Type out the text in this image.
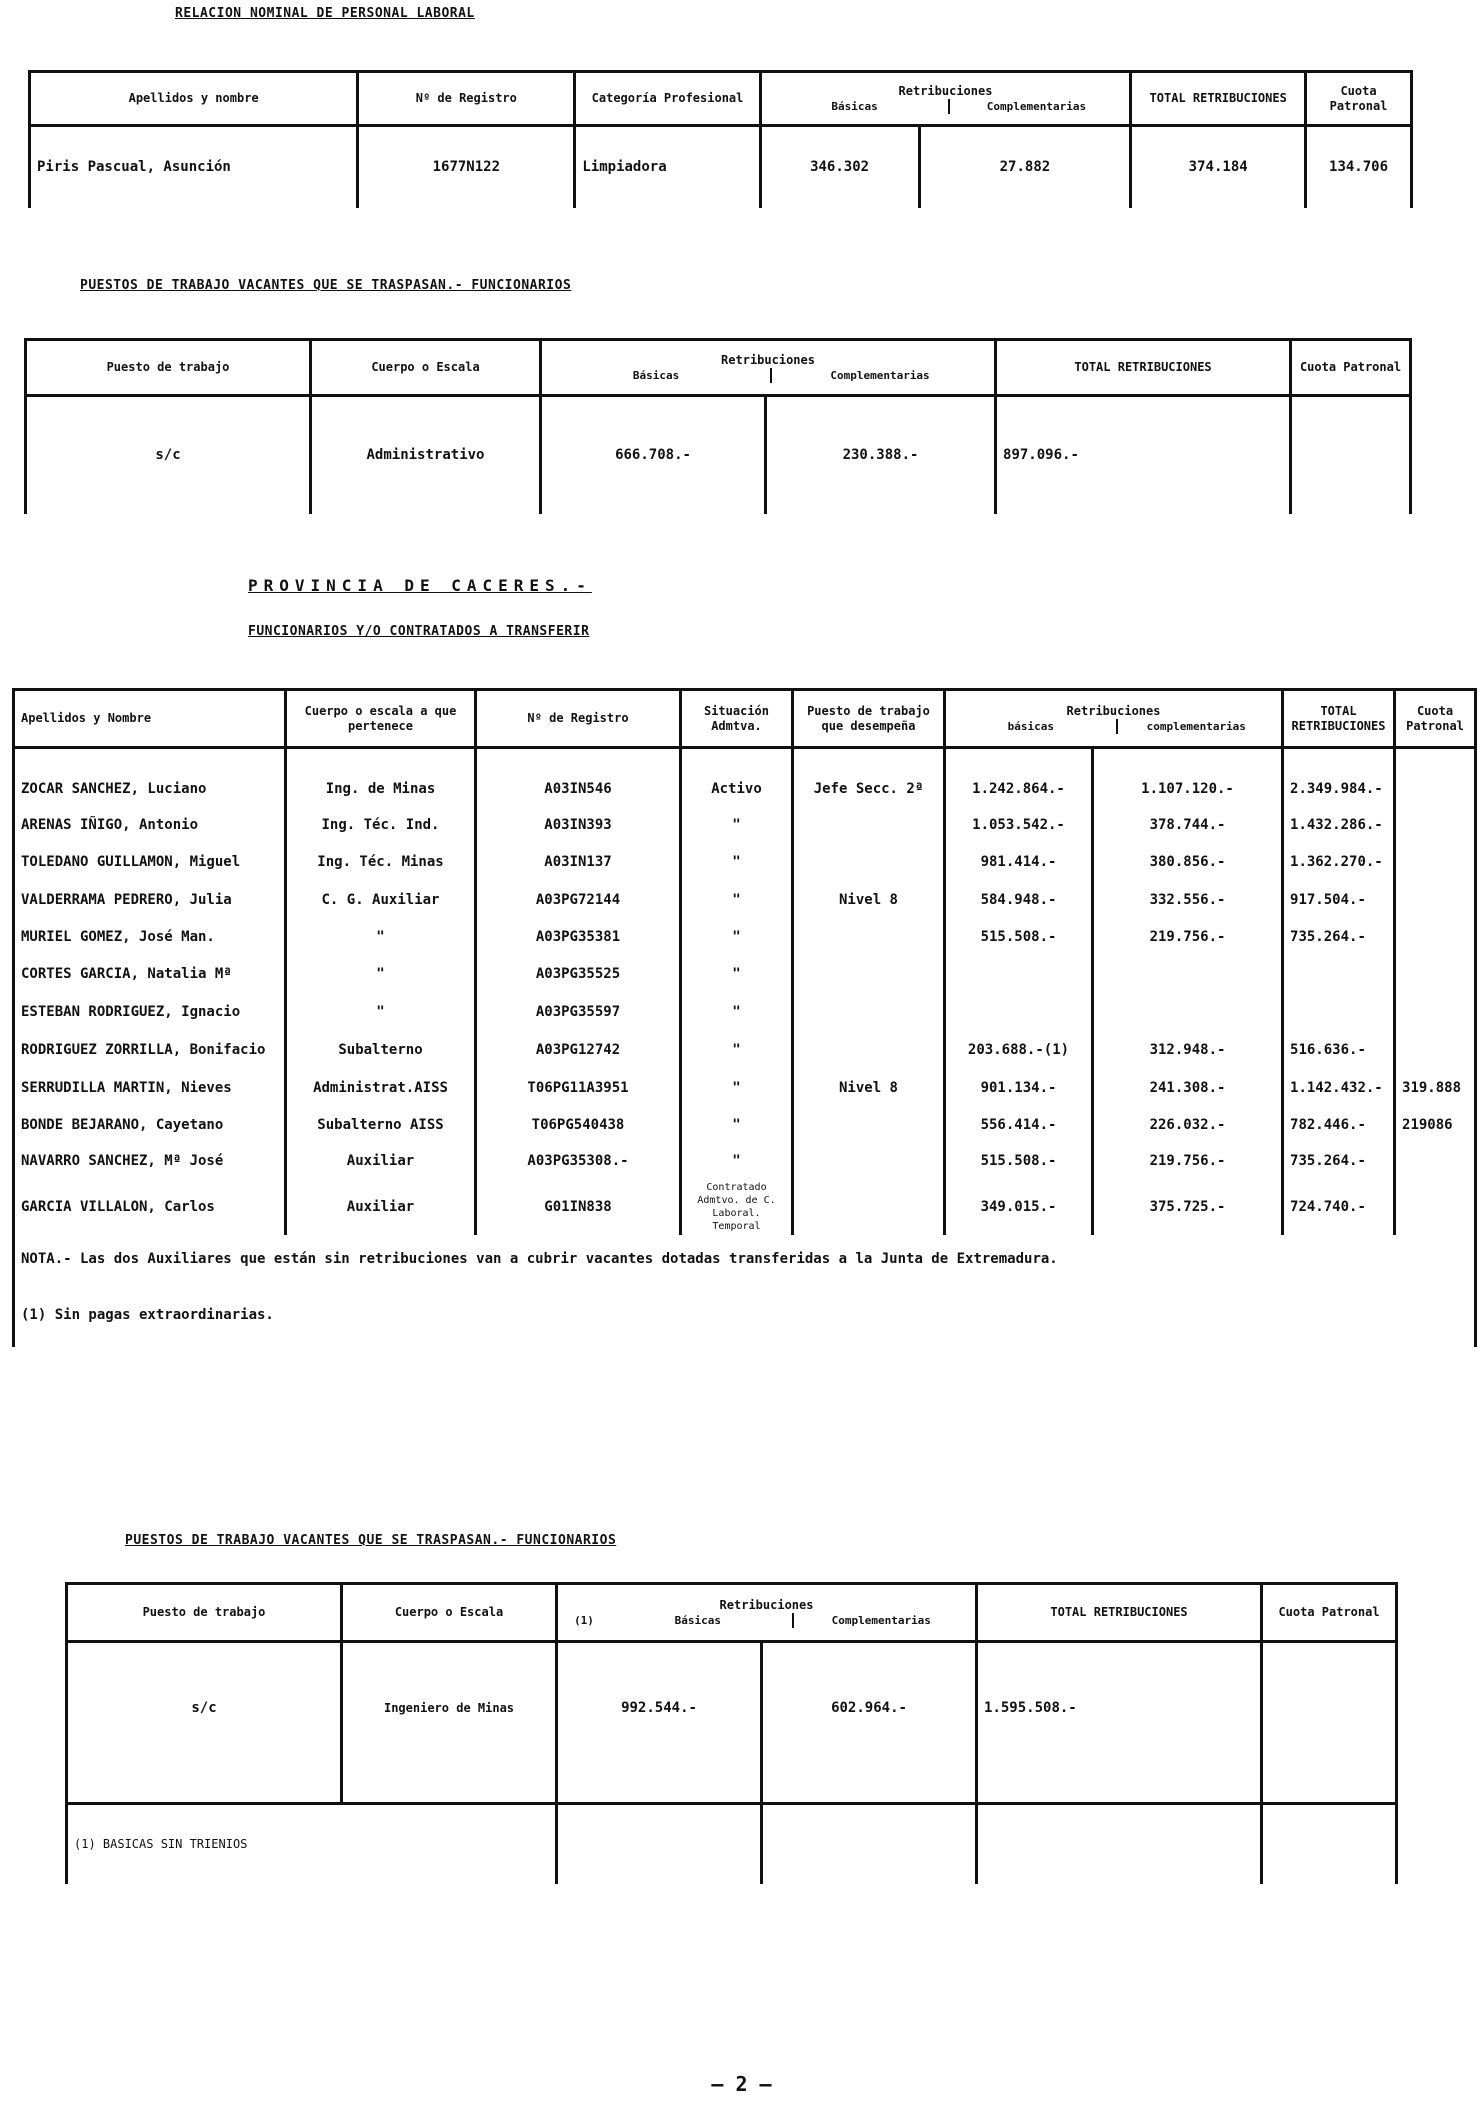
RELACION NOMINAL DE PERSONAL LABORAL
Apellidos y nombre	Nº de Registro	Categoría Profesional	Retribuciones
Básicas Complementarias		TOTAL RETRIBUCIONES	Cuota Patronal
Piris Pascual, Asunción	1677N122	Limpiadora	346.302	27.882	374.184	134.706
PUESTOS DE TRABAJO VACANTES QUE SE TRASPASAN.- FUNCIONARIOS
Puesto de trabajo	Cuerpo o Escala	Retribuciones
Básicas Complementarias		TOTAL RETRIBUCIONES	Cuota Patronal
s/c	Administrativo	666.708.-	230.388.-	897.096.-	
PROVINCIA DE CACERES.-
FUNCIONARIOS Y/O CONTRATADOS A TRANSFERIR
Apellidos y Nombre	Cuerpo o escala a que pertenece	Nº de Registro	Situación Admtva.	Puesto de trabajo que desempeña	Retribuciones
básicas complementarias		TOTAL RETRIBUCIONES	Cuota Patronal

ZOCAR SANCHEZ, Luciano	Ing. de Minas	A03IN546	Activo	Jefe Secc. 2ª	1.242.864.-	1.107.120.-	2.349.984.-	
ARENAS IÑIGO, Antonio	Ing. Téc. Ind.	A03IN393	"		1.053.542.-	378.744.-	1.432.286.-	
TOLEDANO GUILLAMON, Miguel	Ing. Téc. Minas	A03IN137	"		981.414.-	380.856.-	1.362.270.-	
VALDERRAMA PEDRERO, Julia	C. G. Auxiliar	A03PG72144	"	Nivel 8	584.948.-	332.556.-	917.504.-	
MURIEL GOMEZ, José Man.	"	A03PG35381	"		515.508.-	219.756.-	735.264.-	
CORTES GARCIA, Natalia Mª	"	A03PG35525	"					
ESTEBAN RODRIGUEZ, Ignacio	"	A03PG35597	"					
RODRIGUEZ ZORRILLA, Bonifacio	Subalterno	A03PG12742	"		203.688.-(1)	312.948.-	516.636.-	
SERRUDILLA MARTIN, Nieves	Administrat.AISS	T06PG11A3951	"	Nivel 8	901.134.-	241.308.-	1.142.432.-	319.888
BONDE BEJARANO, Cayetano	Subalterno AISS	T06PG540438	"		556.414.-	226.032.-	782.446.-	219086
NAVARRO SANCHEZ, Mª José	Auxiliar	A03PG35308.-	"		515.508.-	219.756.-	735.264.-	
GARCIA VILLALON, Carlos	Auxiliar	G01IN838	Contratado Admtvo. de C. Laboral. Temporal		349.015.-	375.725.-	724.740.-	
NOTA.- Las dos Auxiliares que están sin retribuciones van a cubrir vacantes dotadas transferidas a la Junta de Extremadura.								
(1) Sin pagas extraordinarias.								
PUESTOS DE TRABAJO VACANTES QUE SE TRASPASAN.- FUNCIONARIOS
Puesto de trabajo	Cuerpo o Escala	Retribuciones
(1) Básicas Complementarias		TOTAL RETRIBUCIONES	Cuota Patronal
s/c	Ingeniero de Minas	992.544.-	602.964.-	1.595.508.-	

(1) BASICAS SIN TRIENIOS					
— 2 —
